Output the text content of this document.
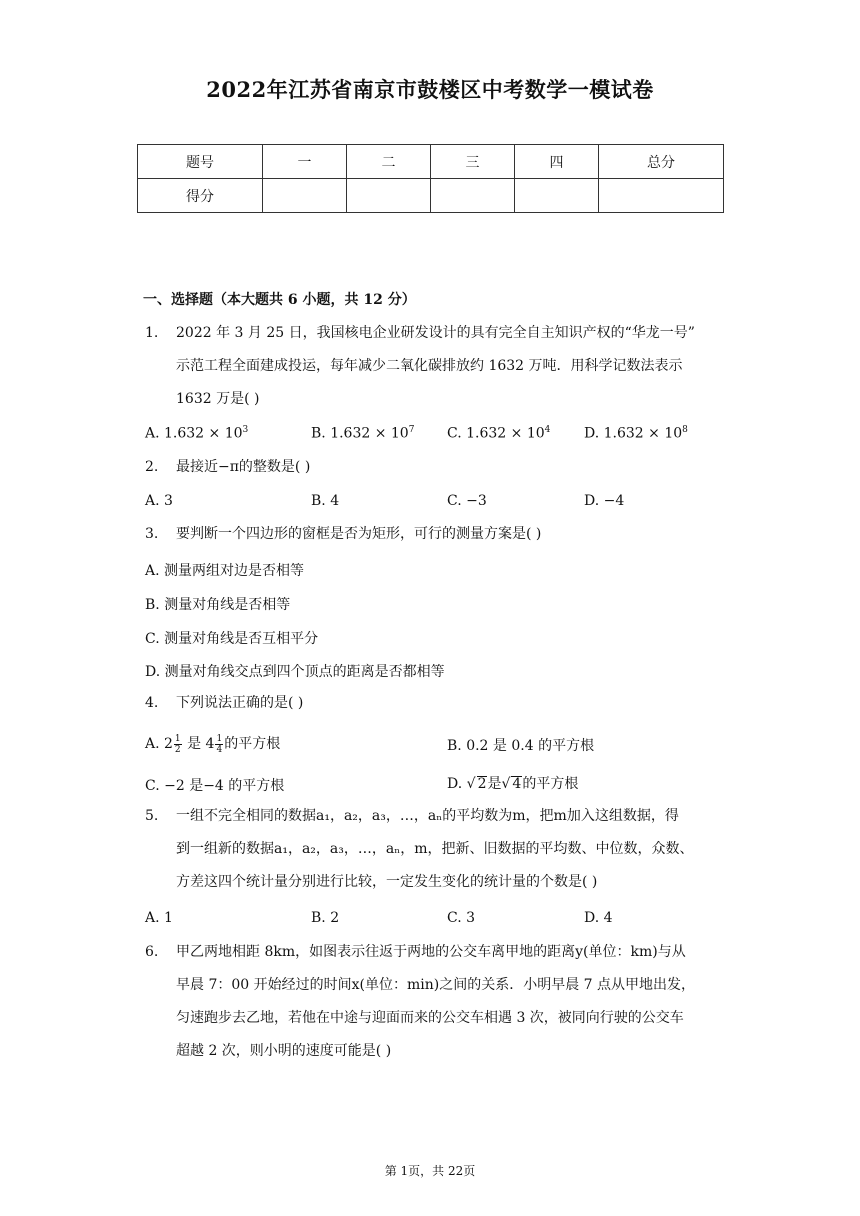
2022年江苏省南京市鼓楼区中考数学一模试卷
题号	一	二	三	四	总分
得分					
一、选择题（本大题共 6 小题，共 12 分）
1. 2022 年 3 月 25 日，我国核电企业研发设计的具有完全自主知识产权的“华龙一号”
示范工程全面建成投运，每年减少二氧化碳排放约 1632 万吨．用科学记数法表示
1632 万是( )
A. $1.632 \times 10^3$	B. $1.632 \times 10^7$ C. $1.632 \times 10^4$ D. $1.632 \times 10^8$
2. 最接近−π的整数是( )
A. 3	B. 4	C. −3	D. −4
3. 要判断一个四边形的窗框是否为矩形，可行的测量方案是( )
A. 测量两组对边是否相等
B. 测量对角线是否相等
C. 测量对角线是否互相平分
D. 测量对角线交点到四个顶点的距离是否都相等
4. 下列说法正确的是( )
A. $2 \frac{1}{2}$ 是 $4 \frac{1}{4}$ 的平方根	B. 0.2 是 0.4 的平方根
C. −2 是−4 的平方根	D. √ 2是√ 4的平方根
5. 一组不完全相同的数据a₁，a₂，a₃，…，aₙ的平均数为m，把m加入这组数据，得
到一组新的数据a₁，a₂，a₃，…，aₙ，m，把新、旧数据的平均数、中位数，众数、
方差这四个统计量分别进行比较，一定发生变化的统计量的个数是( )
A. 1	B. 2	C. 3	D. 4
6. 甲乙两地相距 8km，如图表示往返于两地的公交车离甲地的距离y(单位：km)与从
早晨 7：00 开始经过的时间x(单位：min)之间的关系．小明早晨 7 点从甲地出发，
匀速跑步去乙地，若他在中途与迎面而来的公交车相遇 3 次，被同向行驶的公交车
超越 2 次，则小明的速度可能是( )
第 1页，共 22页
